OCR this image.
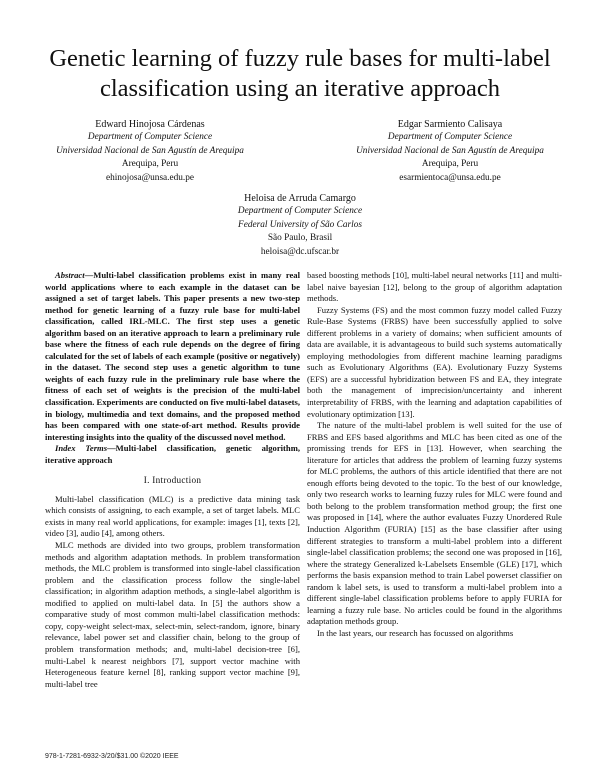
Genetic learning of fuzzy rule bases for multi-label classification using an iterative approach
Edward Hinojosa Cárdenas
Department of Computer Science
Universidad Nacional de San Agustín de Arequipa
Arequipa, Peru
ehinojosa@unsa.edu.pe
Edgar Sarmiento Calisaya
Department of Computer Science
Universidad Nacional de San Agustín de Arequipa
Arequipa, Peru
esarmientoca@unsa.edu.pe
Heloisa de Arruda Camargo
Department of Computer Science
Federal University of São Carlos
São Paulo, Brasil
heloisa@dc.ufscar.br

Abstract—Multi-label classification problems exist in many real world applications where to each example in the dataset can be assigned a set of target labels. This paper presents a new two-step method for genetic learning of a fuzzy rule base for multi-label classification, called IRL-MLC. The first step uses a genetic algorithm based on an iterative approach to learn a preliminary rule base where the fitness of each rule depends on the degree of firing calculated for the set of labels of each example (positive or negatively) in the dataset. The second step uses a genetic algorithm to tune weights of each fuzzy rule in the preliminary rule base where the fitness of each set of weights is the precision of the multi-label classification. Experiments are conducted on five multi-label datasets, in biology, multimedia and text domains, and the proposed method has been compared with one state-of-art method. Results provide interesting insights into the quality of the discussed novel method.

Index Terms—Multi-label classification, genetic algorithm, iterative approach

I. Introduction

Multi-label classification (MLC) is a predictive data mining task which consists of assigning, to each example, a set of target labels. MLC exists in many real world applications, for example: images [1], texts [2], video [3], audio [4], among others.

MLC methods are divided into two groups, problem transformation methods and algorithm adaptation methods. In problem transformation methods, the MLC problem is transformed into single-label classification problem and the classification process follow the single-label classification; in algorithm adaption methods, a single-label algorithm is modified to applied on multi-label data. In [5] the authors show a comparative study of most common multi-label classification methods: copy, copy-weight select-max, select-min, select-random, ignore, binary relevance, label power set and classifier chain, belong to the group of problem transformation methods; and, multi-label decision-tree [6], multi-Label k nearest neighbors [7], support vector machine with Heterogeneous feature kernel [8], ranking support vector machine [9], multi-label tree

based boosting methods [10], multi-label neural networks [11] and multi-label naive bayesian [12], belong to the group of algorithm adaptation methods.

Fuzzy Systems (FS) and the most common fuzzy model called Fuzzy Rule-Base Systems (FRBS) have been successfully applied to solve different problems in a variety of domains; when sufficient amounts of data are available, it is advantageous to build such systems automatically employing methodologies from different machine learning paradigms such as Evolutionary Algorithms (EA). Evolutionary Fuzzy Systems (EFS) are a successful hybridization between FS and EA, they integrate both the management of imprecision/uncertainty and inherent interpretability of FRBS, with the learning and adaptation capabilities of evolutionary optimization [13].

The nature of the multi-label problem is well suited for the use of FRBS and EFS based algorithms and MLC has been cited as one of the promissing trends for EFS in [13]. However, when searching the literature for articles that address the problem of learning fuzzy systems for MLC problems, the authors of this article identified that there are not enough efforts being devoted to the topic. To the best of our knowledge, only two research works to learning fuzzy rules for MLC were found and both belong to the problem transformation method group; the first one was proposed in [14], where the author evaluates Fuzzy Unordered Rule Induction Algorithm (FURIA) [15] as the base classifier after using different strategies to transform a multi-label problem into a different single-label classification problems; the second one was proposed in [16], where the strategy Generalized k-Labelsets Ensemble (GLE) [17], which performs the basis expansion method to train Label powerset classifier on random k label sets, is used to transform a multi-label problem into a different single-label classification problems before to apply FURIA for learning a fuzzy rule base. No articles could be found in the algorithms adaptation methods group.

In the last years, our research has focussed on algorithms

978-1-7281-6932-3/20/$31.00 ©2020 IEEE
